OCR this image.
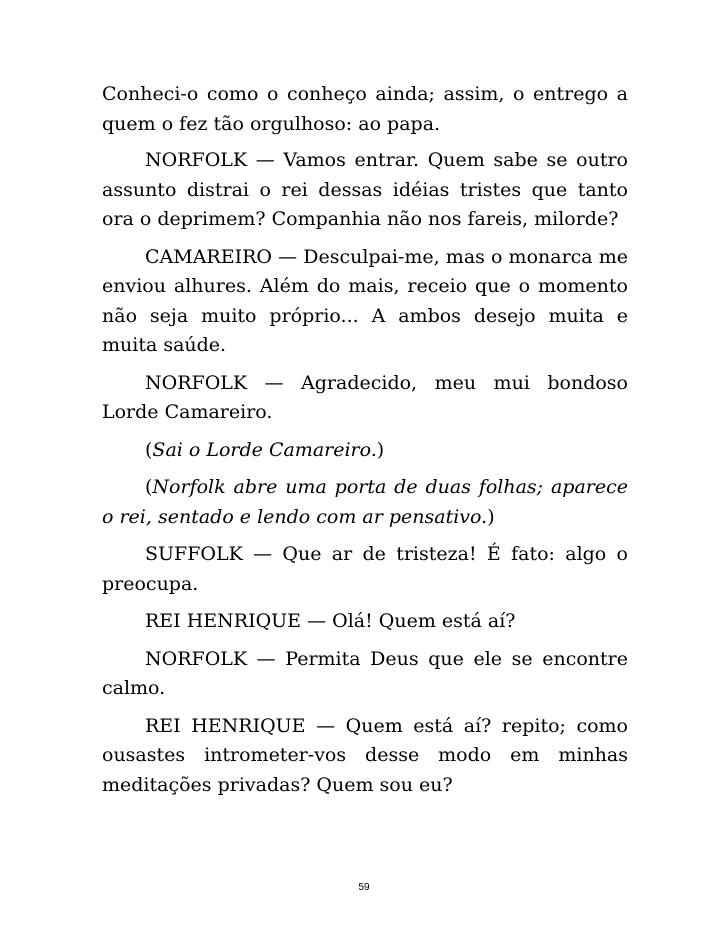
Conheci-o como o conheço ainda; assim, o entrego a quem o fez tão orgulhoso: ao papa.

NORFOLK — Vamos entrar. Quem sabe se outro assunto distrai o rei dessas idéias tristes que tanto ora o deprimem? Companhia não nos fareis, milorde?

CAMAREIRO — Desculpai-me, mas o monarca me enviou alhures. Além do mais, receio que o momento não seja muito próprio... A ambos desejo muita e muita saúde.

NORFOLK — Agradecido, meu mui bondoso Lorde Camareiro.

(Sai o Lorde Camareiro.)

(Norfolk abre uma porta de duas folhas; aparece o rei, sentado e lendo com ar pensativo.)

SUFFOLK — Que ar de tristeza! É fato: algo o preocupa.

REI HENRIQUE — Olá! Quem está aí?

NORFOLK — Permita Deus que ele se encontre calmo.

REI HENRIQUE — Quem está aí? repito; como ousastes intrometer-vos desse modo em minhas meditações privadas? Quem sou eu?

59
